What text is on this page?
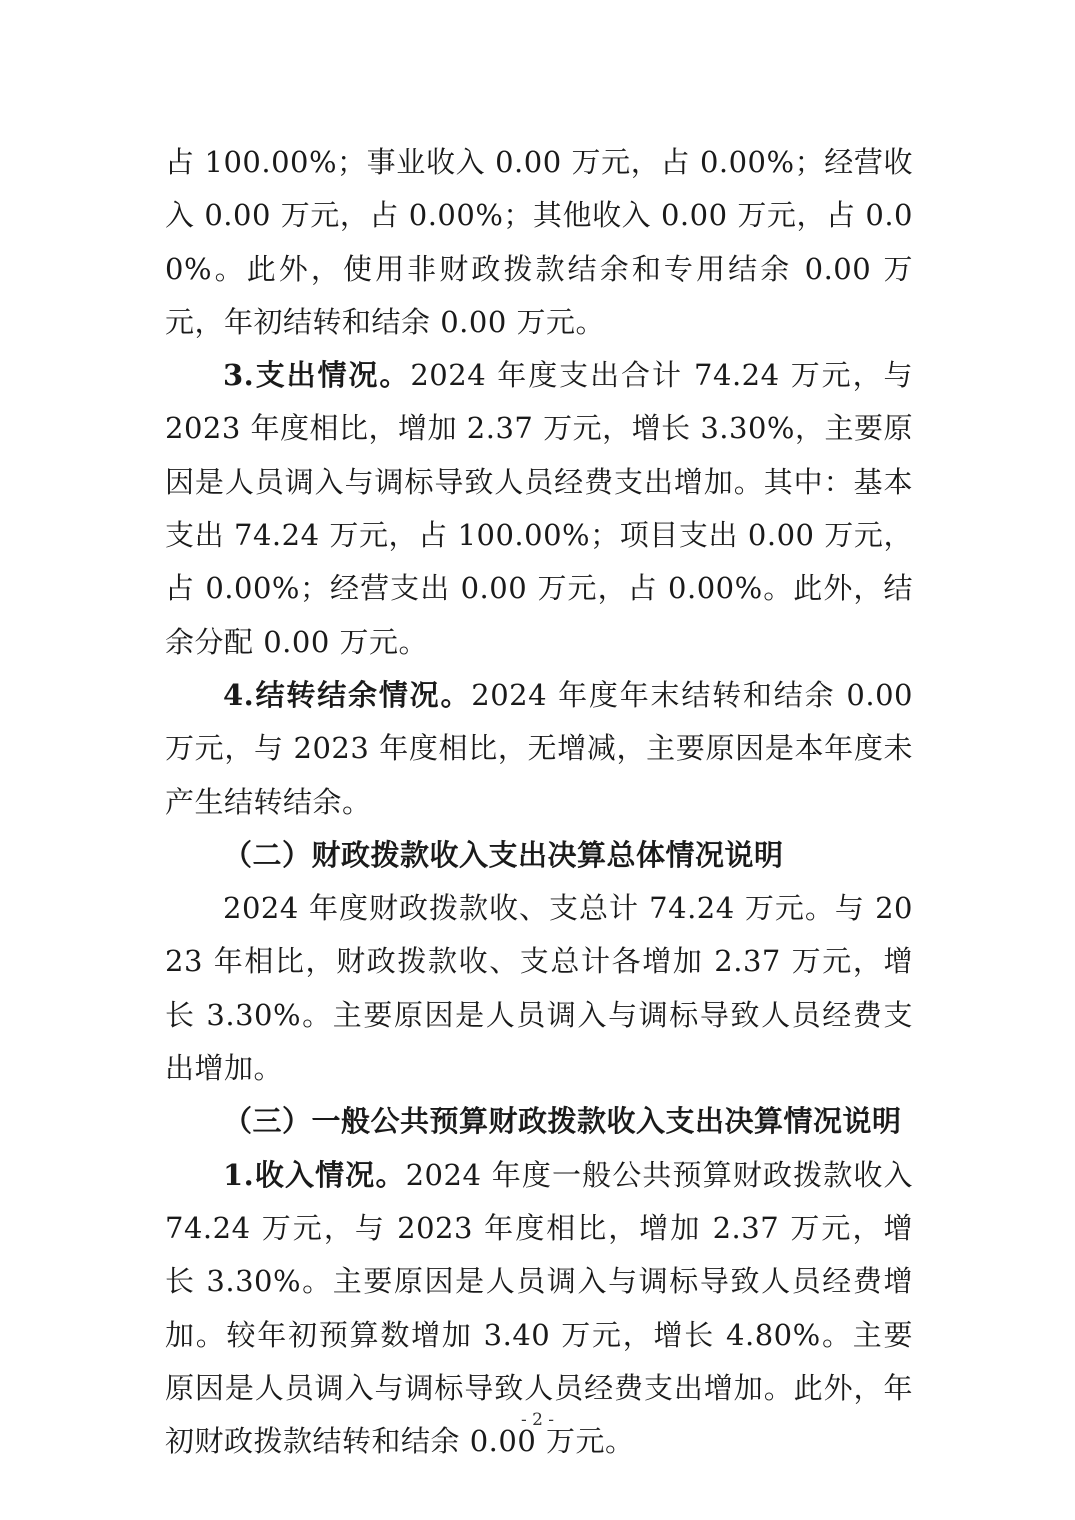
占 100.00%；事业收入 0.00 万元，占 0.00%；经营收入 0.00 万元，占 0.00%；其他收入 0.00 万元，占 0.00%。此外，使用非财政拨款结余和专用结余 0.00 万元，年初结转和结余 0.00 万元。

3.支出情况。2024 年度支出合计 74.24 万元，与 2023 年度相比，增加 2.37 万元，增长 3.30%，主要原因是人员调入与调标导致人员经费支出增加。其中：基本支出 74.24 万元，占 100.00%；项目支出 0.00 万元，占 0.00%；经营支出 0.00 万元，占 0.00%。此外，结余分配 0.00 万元。

4.结转结余情况。2024 年度年末结转和结余 0.00 万元，与 2023 年度相比，无增减，主要原因是本年度未产生结转结余。

（二）财政拨款收入支出决算总体情况说明

2024 年度财政拨款收、支总计 74.24 万元。与 2023 年相比，财政拨款收、支总计各增加 2.37 万元，增长 3.30%。主要原因是人员调入与调标导致人员经费支出增加。

（三）一般公共预算财政拨款收入支出决算情况说明

1.收入情况。2024 年度一般公共预算财政拨款收入 74.24 万元，与 2023 年度相比，增加 2.37 万元，增长 3.30%。主要原因是人员调入与调标导致人员经费增加。较年初预算数增加 3.40 万元，增长 4.80%。主要原因是人员调入与调标导致人员经费支出增加。此外，年初财政拨款结转和结余 0.00 万元。

- 2 -
